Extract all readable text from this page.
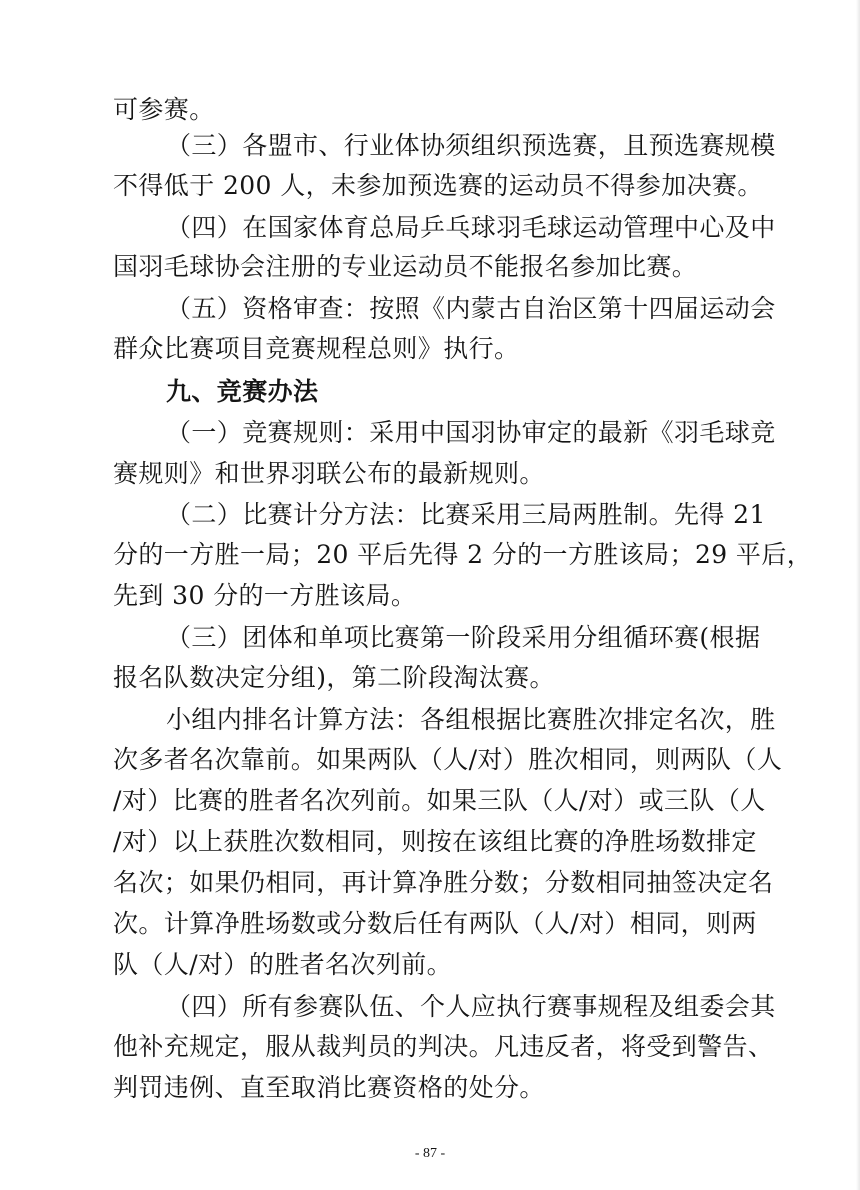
可参赛。
（三）各盟市、行业体协须组织预选赛，且预选赛规模
不得低于 200 人，未参加预选赛的运动员不得参加决赛。
（四）在国家体育总局乒乓球羽毛球运动管理中心及中
国羽毛球协会注册的专业运动员不能报名参加比赛。
（五）资格审查：按照《内蒙古自治区第十四届运动会
群众比赛项目竞赛规程总则》执行。
九、竞赛办法
（一）竞赛规则：采用中国羽协审定的最新《羽毛球竞
赛规则》和世界羽联公布的最新规则。
（二）比赛计分方法：比赛采用三局两胜制。先得 21
分的一方胜一局；20 平后先得 2 分的一方胜该局；29 平后，
先到 30 分的一方胜该局。
（三）团体和单项比赛第一阶段采用分组循环赛(根据
报名队数决定分组)，第二阶段淘汰赛。
小组内排名计算方法：各组根据比赛胜次排定名次，胜
次多者名次靠前。如果两队（人/对）胜次相同，则两队（人
/对）比赛的胜者名次列前。如果三队（人/对）或三队（人
/对）以上获胜次数相同，则按在该组比赛的净胜场数排定
名次；如果仍相同，再计算净胜分数；分数相同抽签决定名
次。计算净胜场数或分数后任有两队（人/对）相同，则两
队（人/对）的胜者名次列前。
（四）所有参赛队伍、个人应执行赛事规程及组委会其
他补充规定，服从裁判员的判决。凡违反者，将受到警告、
判罚违例、直至取消比赛资格的处分。
- 87 -
